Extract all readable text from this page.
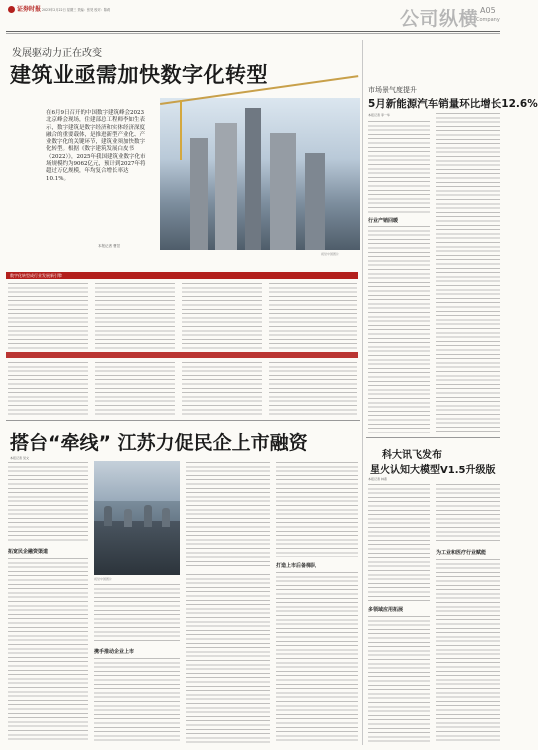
证券时报 2023年2月22日 星期三 责编：张昊 校对：陈莉	公司纵横 A05
Company
发展驱动力正在改变
建筑业亟需加快数字化转型
在6月9日召开的中国数字建筑峰会2023北京峰会现场，住建部总工程师李如生表示，数字建筑是数字经济和实体经济深度融合的重要载体，是推进新型产业化、产业数字化的关键环节，建筑业须加快数字化转型。根据《数字建筑发展白皮书（2022）》，2025年我国建筑业数字化市场规模约为9062亿元，预计到2027年将超过万亿规模，年均复合增长率达10.1%。
本报记者 曹昱
视觉中国图片
数字化转型成行业发展新引擎
市场景气度提升
5月新能源汽车销量环比增长12.6%
本报记者 李一华
行业产销回暖
搭台“牵线” 江苏力促民企上市融资
本报记者 吴文
拓宽民企融资渠道
视觉中国图片
携手推动企业上市
打造上市后备梯队
科大讯飞发布
星火认知大模型V1.5升级版
本报记者 林燕
多领域应用拓展
为工业和医疗行业赋能
